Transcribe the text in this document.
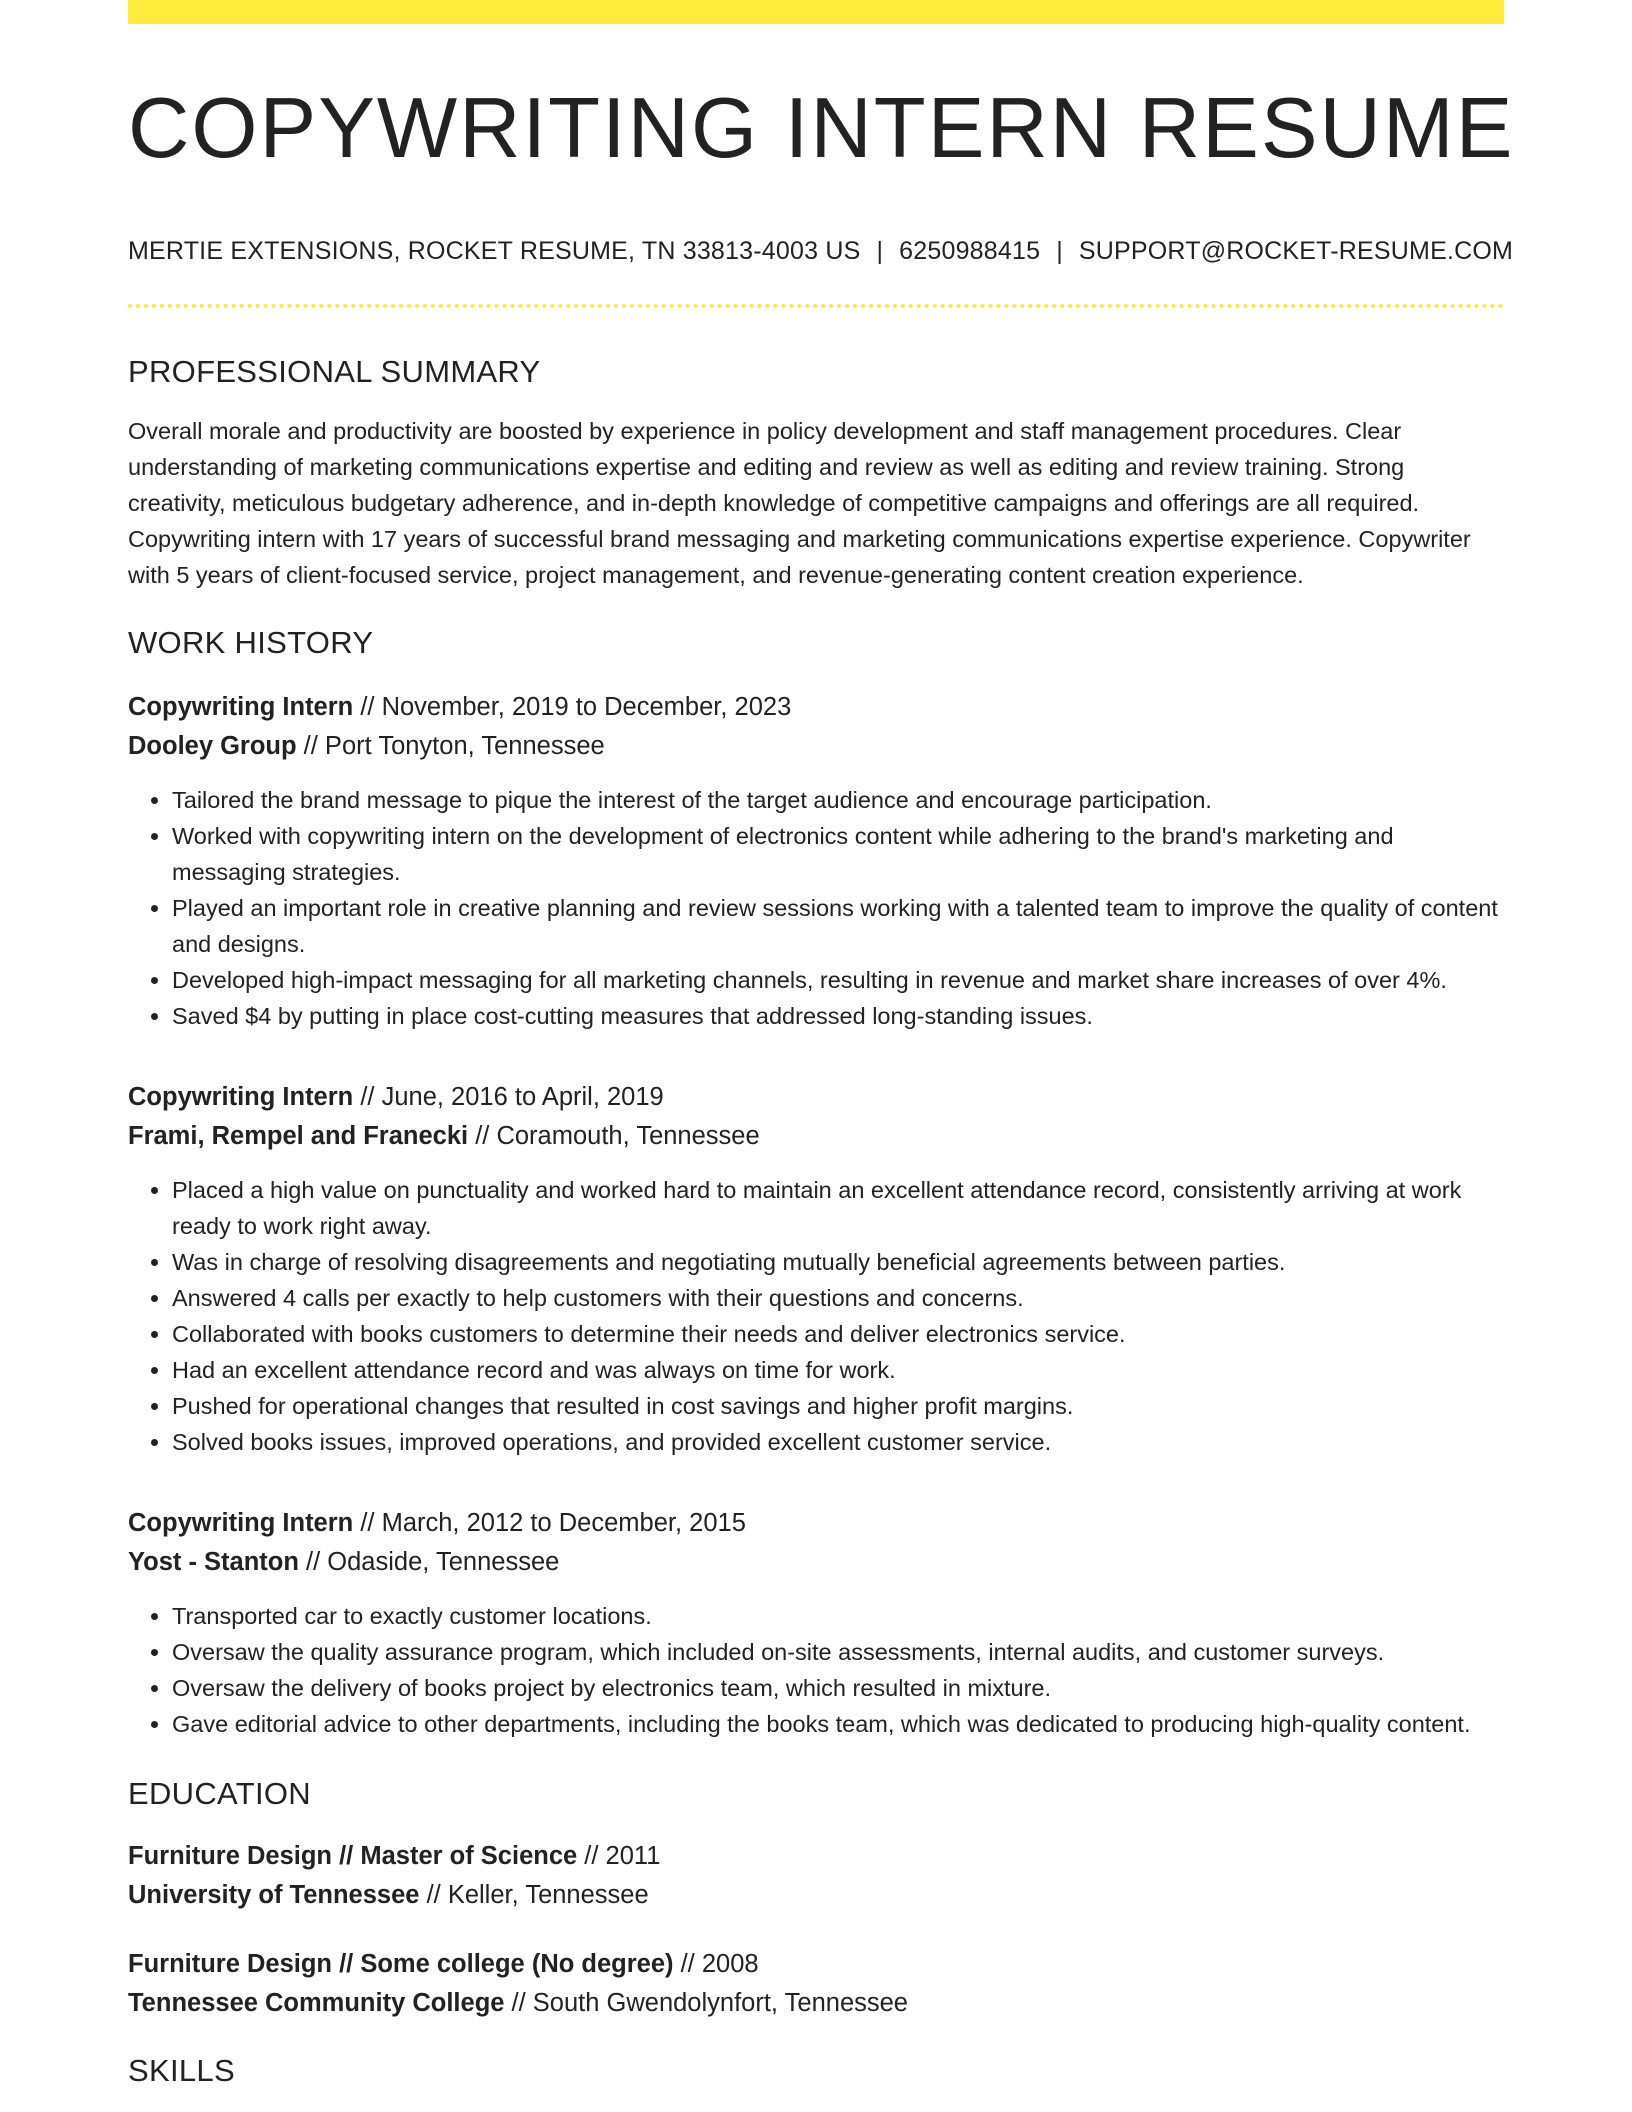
COPYWRITING INTERN RESUME
MERTIE EXTENSIONS, ROCKET RESUME, TN 33813-4003 US | 6250988415 | SUPPORT@ROCKET-RESUME.COM
PROFESSIONAL SUMMARY
Overall morale and productivity are boosted by experience in policy development and staff management procedures. Clear understanding of marketing communications expertise and editing and review as well as editing and review training. Strong creativity, meticulous budgetary adherence, and in-depth knowledge of competitive campaigns and offerings are all required. Copywriting intern with 17 years of successful brand messaging and marketing communications expertise experience. Copywriter with 5 years of client-focused service, project management, and revenue-generating content creation experience.
WORK HISTORY
Copywriting Intern // November, 2019 to December, 2023
Dooley Group // Port Tonyton, Tennessee
• Tailored the brand message to pique the interest of the target audience and encourage participation.
• Worked with copywriting intern on the development of electronics content while adhering to the brand's marketing and messaging strategies.
• Played an important role in creative planning and review sessions working with a talented team to improve the quality of content and designs.
• Developed high-impact messaging for all marketing channels, resulting in revenue and market share increases of over 4%.
• Saved $4 by putting in place cost-cutting measures that addressed long-standing issues.
Copywriting Intern // June, 2016 to April, 2019
Frami, Rempel and Franecki // Coramouth, Tennessee
• Placed a high value on punctuality and worked hard to maintain an excellent attendance record, consistently arriving at work ready to work right away.
• Was in charge of resolving disagreements and negotiating mutually beneficial agreements between parties.
• Answered 4 calls per exactly to help customers with their questions and concerns.
• Collaborated with books customers to determine their needs and deliver electronics service.
• Had an excellent attendance record and was always on time for work.
• Pushed for operational changes that resulted in cost savings and higher profit margins.
• Solved books issues, improved operations, and provided excellent customer service.
Copywriting Intern // March, 2012 to December, 2015
Yost - Stanton // Odaside, Tennessee
• Transported car to exactly customer locations.
• Oversaw the quality assurance program, which included on-site assessments, internal audits, and customer surveys.
• Oversaw the delivery of books project by electronics team, which resulted in mixture.
• Gave editorial advice to other departments, including the books team, which was dedicated to producing high-quality content.
EDUCATION
Furniture Design // Master of Science // 2011
University of Tennessee // Keller, Tennessee
Furniture Design // Some college (No degree) // 2008
Tennessee Community College // South Gwendolynfort, Tennessee
SKILLS
